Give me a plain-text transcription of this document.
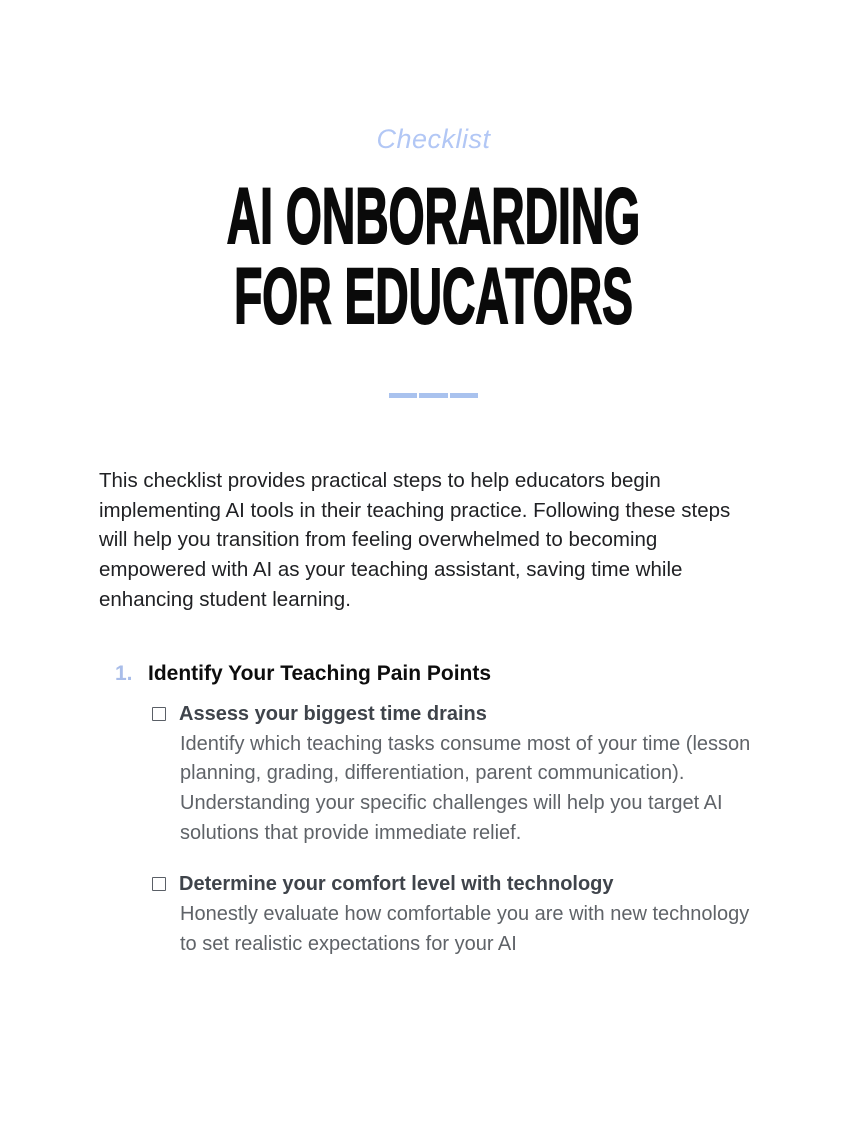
Checklist
AI ONBORARDING
FOR EDUCATORS

This checklist provides practical steps to help educators begin implementing AI tools in their teaching practice. Following these steps will help you transition from feeling overwhelmed to becoming empowered with AI as your teaching assistant, saving time while enhancing student learning.

1. Identify Your Teaching Pain Points
Assess your biggest time drains
Identify which teaching tasks consume most of your time (lesson planning, grading, differentiation, parent communication). Understanding your specific challenges will help you target AI solutions that provide immediate relief.
Determine your comfort level with technology
Honestly evaluate how comfortable you are with new technology to set realistic expectations for your AI
